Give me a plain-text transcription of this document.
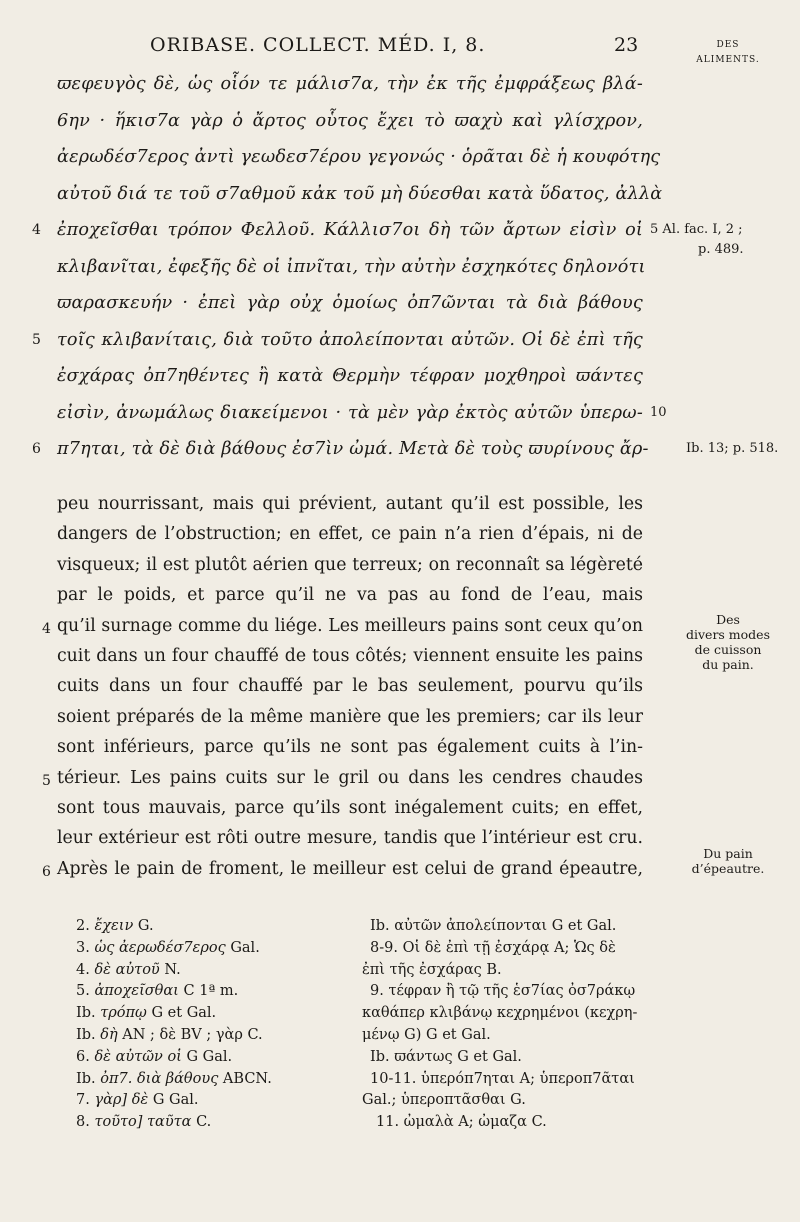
ORIBASE. COLLECT. MÉD. I, 8.	23	DES
ALIMENTS.
ϖεφευγὸς δὲ, ὡς οἷόν τε μάλισ7α, τὴν ἐκ τῆς ἐμφράξεως βλά-
6ην · ἥκισ7α γὰρ ὁ ἄρτος οὗτος ἔχει τὸ ϖαχὺ καὶ γλίσχρον,
ἀερωδέσ7ερος ἀντὶ γεωδεσ7έρου γεγονώς · ὁρᾶται δὲ ἡ κουφότης
αὐτοῦ διά τε τοῦ σ7αθμοῦ κἀκ τοῦ μὴ δύεσθαι κατὰ ὕδατος, ἀλλὰ
4 ἐποχεῖσθαι τρόπον Φελλοῦ. Κάλλισ7οι δὴ τῶν ἄρτων εἰσὶν οἱ 5 Al. fac. I, 2 ;
p. 489.
κλιβανῖται, ἐφεξῆς δὲ οἱ ἰπνῖται, τὴν αὐτὴν ἐσχηκότες δηλονότι
ϖαρασκευήν · ἐπεὶ γὰρ οὐχ ὁμοίως ὀπ7ῶνται τὰ διὰ βάθους
5 τοῖς κλιβανίταις, διὰ τοῦτο ἀπολείπονται αὐτῶν. Οἱ δὲ ἐπὶ τῆς
ἐσχάρας ὀπ7ηθέντες ἢ κατὰ Θερμὴν τέφραν μοχθηροὶ ϖάντες
εἰσὶν, ἀνωμάλως διακείμενοι · τὰ μὲν γὰρ ἐκτὸς αὐτῶν ὑπερω- 10
6 π7ηται, τὰ δὲ διὰ βάθους ἐσ7ὶν ὠμά. Μετὰ δὲ τοὺς ϖυρίνους ἄρ-	Ib. 13; p. 518.
peu nourrissant, mais qui prévient, autant qu’il est possible, les
dangers de l’obstruction; en effet, ce pain n’a rien d’épais, ni de
visqueux; il est plutôt aérien que terreux; on reconnaît sa légèreté
par le poids, et parce qu’il ne va pas au fond de l’eau, mais
4 qu’il surnage comme du liége. Les meilleurs pains sont ceux qu’on
cuit dans un four chauffé de tous côtés; viennent ensuite les pains
cuits dans un four chauffé par le bas seulement, pourvu qu’ils
soient préparés de la même manière que les premiers; car ils leur
sont inférieurs, parce qu’ils ne sont pas également cuits à l’in-
5 térieur. Les pains cuits sur le gril ou dans les cendres chaudes
sont tous mauvais, parce qu’ils sont inégalement cuits; en effet,
leur extérieur est rôti outre mesure, tandis que l’intérieur est cru.
6 Après le pain de froment, le meilleur est celui de grand épeautre,
Des
divers modes
de cuisson
du pain.
Du pain
d’épeautre.
2. ἔχειν G.
3. ὡς ἀερωδέσ7ερος Gal.
4. δὲ αὐτοῦ N.
5. ἀποχεῖσθαι C 1ª m.
Ib. τρόπῳ G et Gal.
Ib. δὴ AN ; δὲ BV ; γὰρ C.
6. δὲ αὐτῶν οἱ G Gal.
Ib. ὀπ7. διὰ βάθους ABCN.
7. γὰρ] δὲ G Gal.
8. τοῦτο] ταῦτα C.
Ib. αὐτῶν ἀπολείπονται G et Gal.
8-9. Οἱ δὲ ἐπὶ τῇ ἐσχάρᾳ A; Ὡς δὲ
ἐπὶ τῆς ἐσχάρας B.
9. τέφραν ἢ τῷ τῆς ἑσ7ίας ὀσ7ράκῳ
καθάπερ κλιβάνῳ κεχρημένοι (κεχρη-
μένῳ G) G et Gal.
Ib. ϖάντως G et Gal.
10-11. ὑπερόπ7ηται A; ὑπεροπ7ᾶται
Gal.; ὑπεροπτᾶσθαι G.
11. ὠμαλὰ A; ὠμαζα C.
